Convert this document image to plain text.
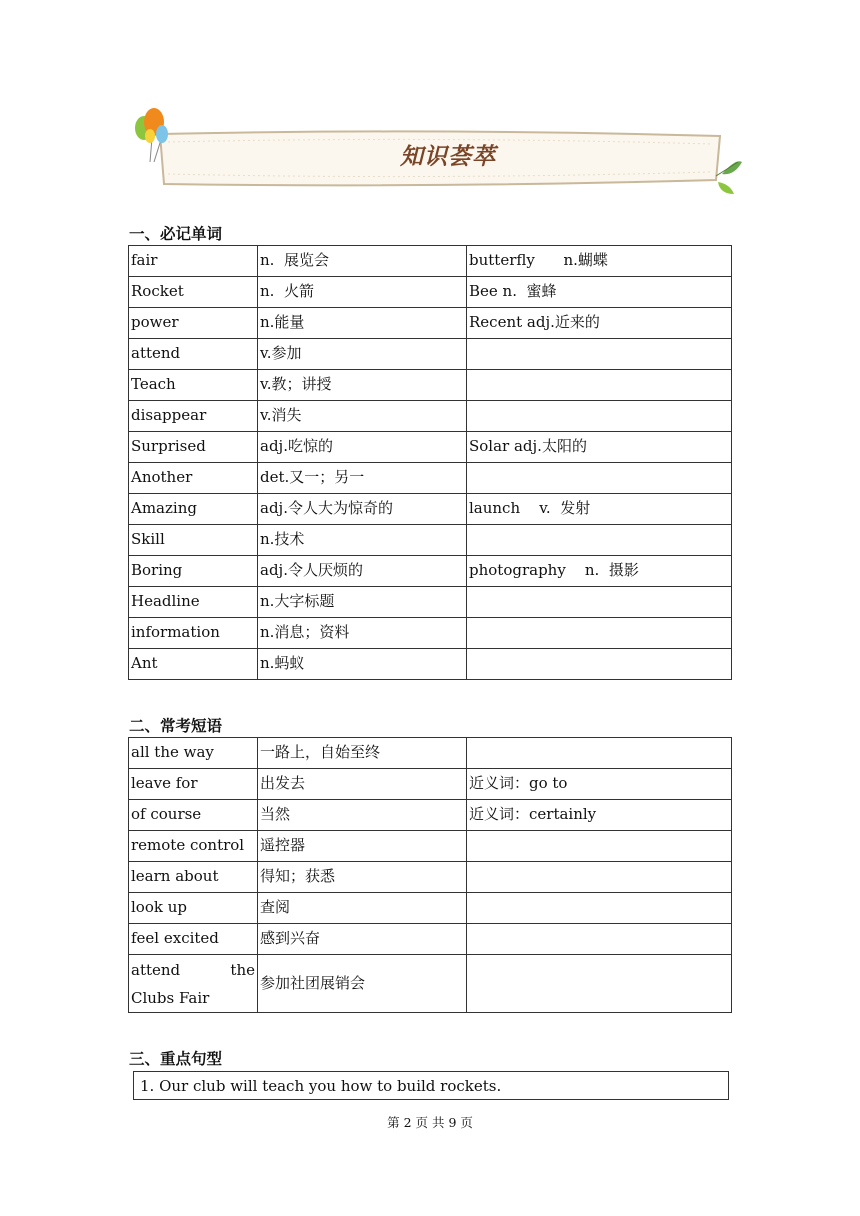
知识荟萃
一、必记单词
fair	n.  展览会	butterfly      n.蝴蝶
Rocket	n.  火箭	Bee n.  蜜蜂
power	n.能量	Recent adj.近来的
attend	v.参加	
Teach	v.教；讲授	
disappear	v.消失	
Surprised	adj.吃惊的	Solar adj.太阳的
Another	det.又一；另一	
Amazing	adj.令人大为惊奇的	launch    v.  发射
Skill	n.技术	
Boring	adj.令人厌烦的	photography    n.  摄影
Headline	n.大字标题	
information	n.消息；资料	
Ant	n.蚂蚁	
二、常考短语
all the way	一路上，自始至终	
leave for	出发去	近义词：go to
of course	当然	近义词：certainly
remote control	遥控器	
learn about	得知；获悉	
look up	查阅	
feel excited	感到兴奋	
attend the Clubs Fair	参加社团展销会	
三、重点句型
1. Our club will teach you how to build rockets.
第 2 页 共 9 页
